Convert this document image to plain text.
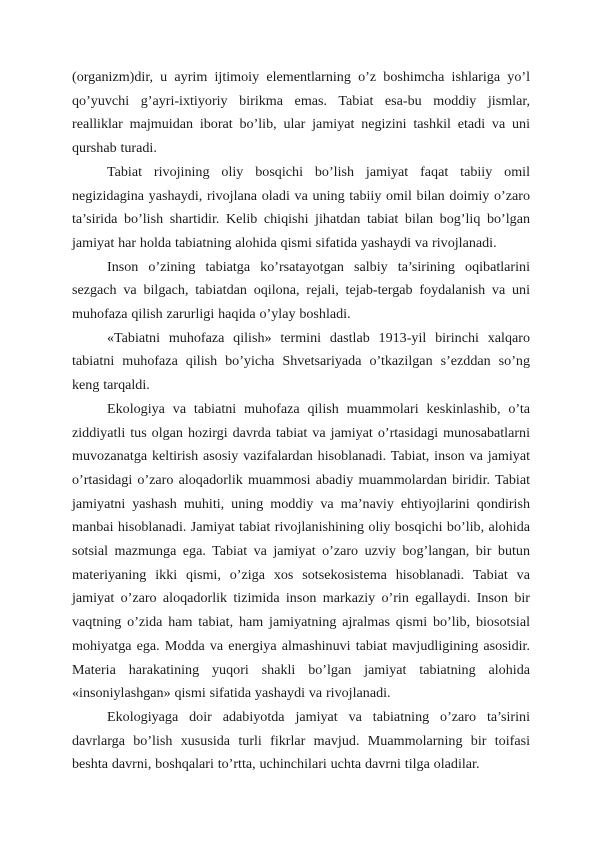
(organizm)dir, u ayrim ijtimoiy elementlarning o’z boshimcha ishlariga yo’l qo’yuvchi g’ayri-ixtiyoriy birikma emas. Tabiat esa-bu moddiy jismlar, realliklar majmuidan iborat bo’lib, ular jamiyat negizini tashkil etadi va uni qurshab turadi.

Tabiat rivojining oliy bosqichi bo’lish jamiyat faqat tabiiy omil negizidagina yashaydi, rivojlana oladi va uning tabiiy omil bilan doimiy o’zaro ta’sirida bo’lish shartidir. Kelib chiqishi jihatdan tabiat bilan bog’liq bo’lgan jamiyat har holda tabiatning alohida qismi sifatida yashaydi va rivojlanadi.

Inson o’zining tabiatga ko’rsatayotgan salbiy ta’sirining oqibatlarini sezgach va bilgach, tabiatdan oqilona, rejali, tejab-tergab foydalanish va uni muhofaza qilish zarurligi haqida o’ylay boshladi.

«Tabiatni muhofaza qilish» termini dastlab 1913-yil birinchi xalqaro tabiatni muhofaza qilish bo’yicha Shvetsariyada o’tkazilgan s’ezddan so’ng keng tarqaldi.

Ekologiya va tabiatni muhofaza qilish muammolari keskinlashib, o’ta ziddiyatli tus olgan hozirgi davrda tabiat va jamiyat o’rtasidagi munosabatlarni muvozanatga keltirish asosiy vazifalardan hisoblanadi. Tabiat, inson va jamiyat o’rtasidagi o’zaro aloqadorlik muammosi abadiy muammolardan biridir. Tabiat jamiyatni yashash muhiti, uning moddiy va ma’naviy ehtiyojlarini qondirish manbai hisoblanadi. Jamiyat tabiat rivojlanishining oliy bosqichi bo’lib, alohida sotsial mazmunga ega. Tabiat va jamiyat o’zaro uzviy bog’langan, bir butun materiyaning ikki qismi, o’ziga xos sotsekosistema hisoblanadi. Tabiat va jamiyat o’zaro aloqadorlik tizimida inson markaziy o’rin egallaydi. Inson bir vaqtning o’zida ham tabiat, ham jamiyatning ajralmas qismi bo’lib, biosotsial mohiyatga ega. Modda va energiya almashinuvi tabiat mavjudligining asosidir. Materia harakatining yuqori shakli bo’lgan jamiyat tabiatning alohida «insoniylashgan» qismi sifatida yashaydi va rivojlanadi.

Ekologiyaga doir adabiyotda jamiyat va tabiatning o’zaro ta’sirini davrlarga bo’lish xususida turli fikrlar mavjud. Muammolarning bir toifasi beshta davrni, boshqalari to’rtta, uchinchilari uchta davrni tilga oladilar.
